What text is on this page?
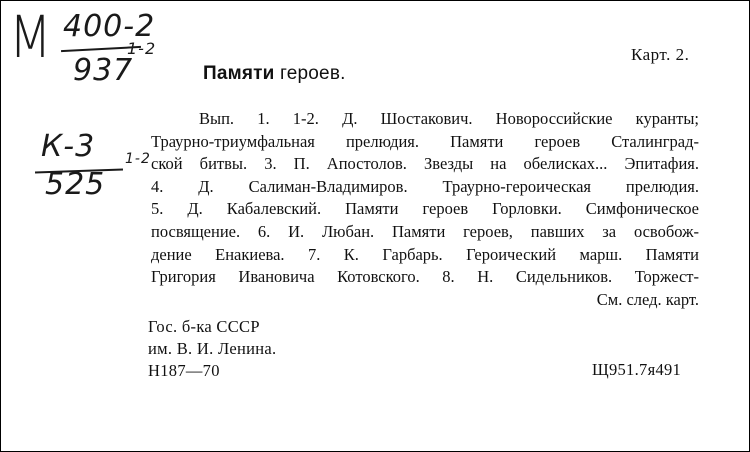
M 400-2
937
1-2
К-3
525
1-2
Карт. 2.
Памяти героев.
Вып. 1. 1-2. Д. Шостакович. Новороссийские куранты;
Траурно-триумфальная прелюдия. Памяти героев Сталинград-
ской битвы. 3. П. Апостолов. Звезды на обелисках... Эпитафия.
4. Д. Салиман-Владимиров. Траурно-героическая прелюдия.
5. Д. Кабалевский. Памяти героев Горловки. Симфоническое
посвящение. 6. И. Любан. Памяти героев, павших за освобож-
дение Енакиева. 7. К. Гарбарь. Героический марш. Памяти
Григория Ивановича Котовского. 8. Н. Сидельников. Торжест-
См. след. карт.
Гос. б-ка СССР
им. В. И. Ленина.
Н187—70	Щ951.7я491
